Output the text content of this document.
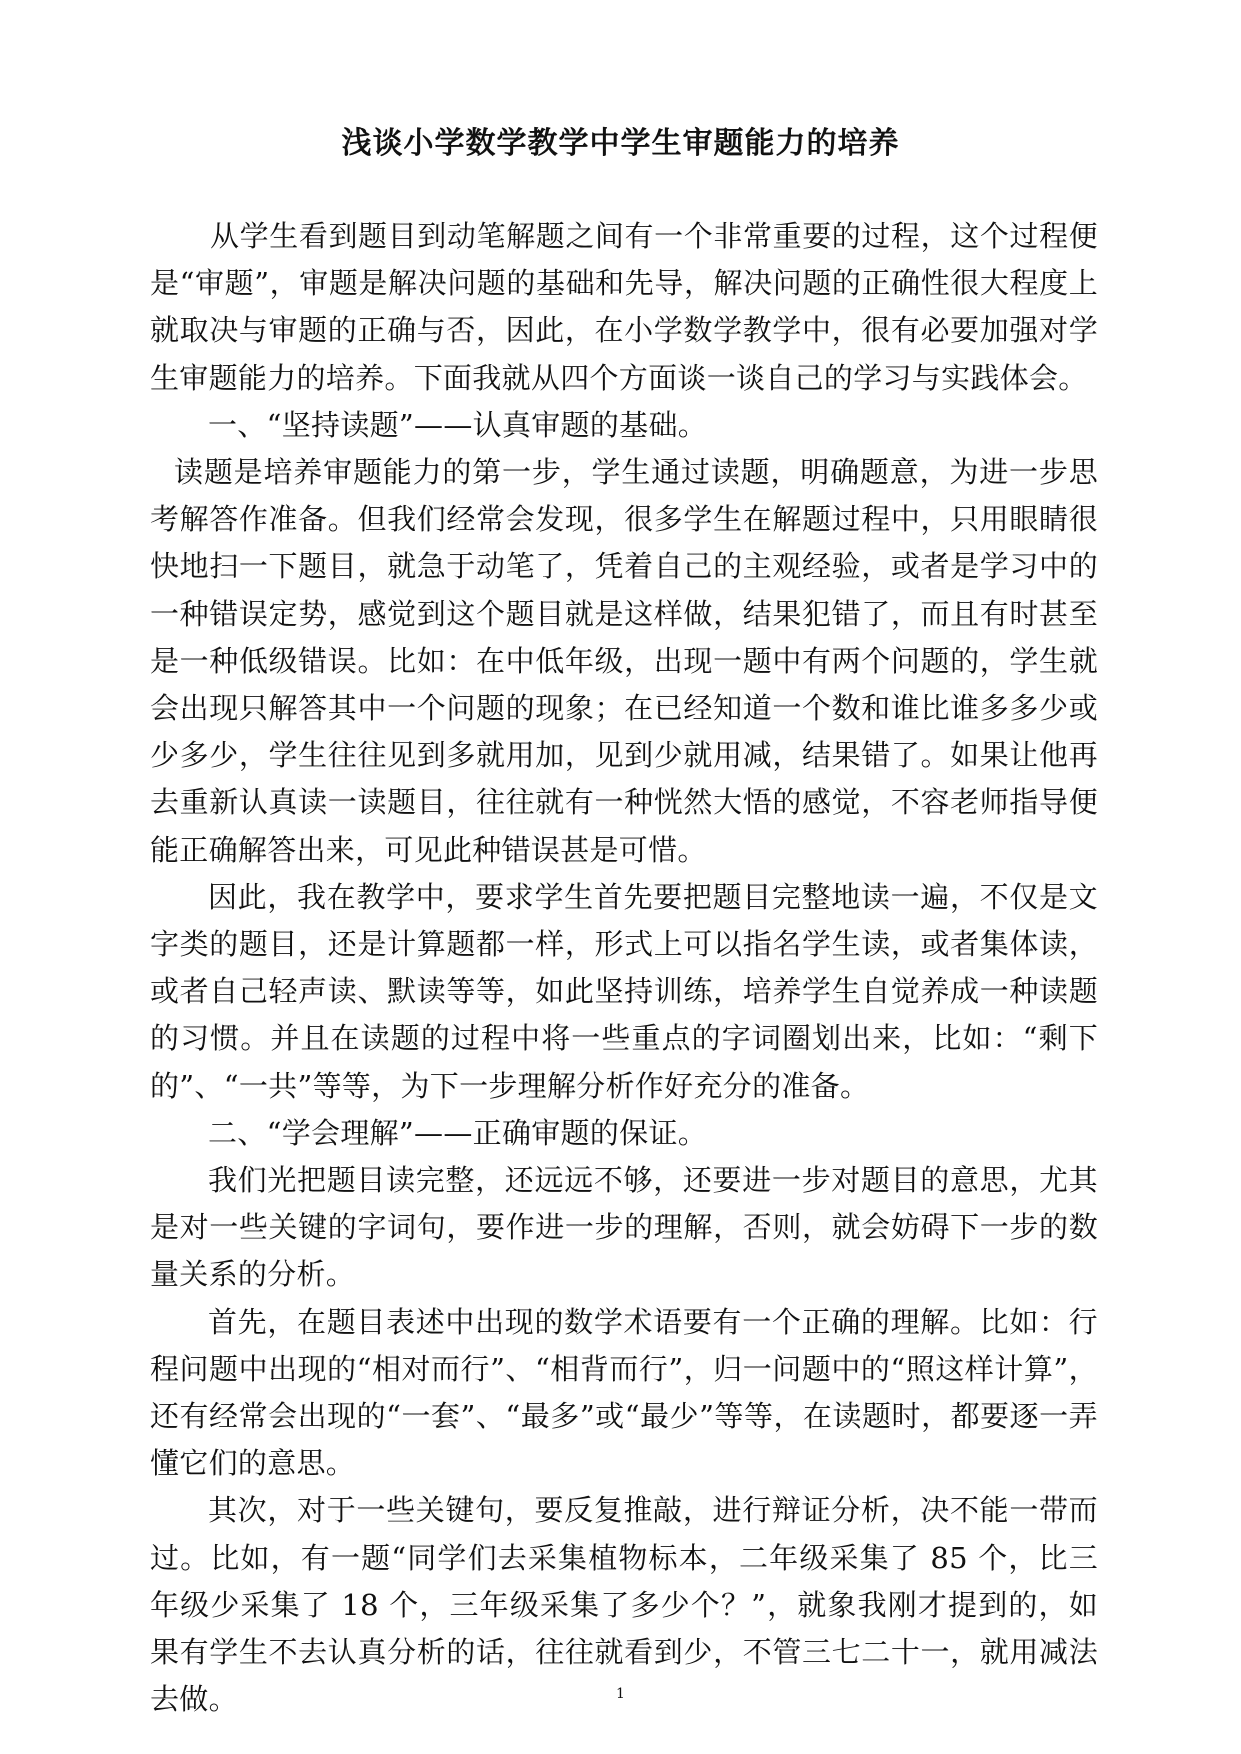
浅谈小学数学教学中学生审题能力的培养

从学生看到题目到动笔解题之间有一个非常重要的过程，这个过程便是“审题”，审题是解决问题的基础和先导，解决问题的正确性很大程度上就取决与审题的正确与否，因此，在小学数学教学中，很有必要加强对学生审题能力的培养。下面我就从四个方面谈一谈自己的学习与实践体会。

一、“坚持读题”——认真审题的基础。

读题是培养审题能力的第一步，学生通过读题，明确题意，为进一步思考解答作准备。但我们经常会发现，很多学生在解题过程中，只用眼睛很快地扫一下题目，就急于动笔了，凭着自己的主观经验，或者是学习中的一种错误定势，感觉到这个题目就是这样做，结果犯错了，而且有时甚至是一种低级错误。比如：在中低年级，出现一题中有两个问题的，学生就会出现只解答其中一个问题的现象；在已经知道一个数和谁比谁多多少或少多少，学生往往见到多就用加，见到少就用减，结果错了。如果让他再去重新认真读一读题目，往往就有一种恍然大悟的感觉，不容老师指导便能正确解答出来，可见此种错误甚是可惜。

因此，我在教学中，要求学生首先要把题目完整地读一遍，不仅是文字类的题目，还是计算题都一样，形式上可以指名学生读，或者集体读，或者自己轻声读、默读等等，如此坚持训练，培养学生自觉养成一种读题的习惯。并且在读题的过程中将一些重点的字词圈划出来，比如：“剩下的”、“一共”等等，为下一步理解分析作好充分的准备。

二、“学会理解”——正确审题的保证。

我们光把题目读完整，还远远不够，还要进一步对题目的意思，尤其是对一些关键的字词句，要作进一步的理解，否则，就会妨碍下一步的数量关系的分析。

首先，在题目表述中出现的数学术语要有一个正确的理解。比如：行程问题中出现的“相对而行”、“相背而行”，归一问题中的“照这样计算”，还有经常会出现的“一套”、“最多”或“最少”等等，在读题时，都要逐一弄懂它们的意思。

其次，对于一些关键句，要反复推敲，进行辩证分析，决不能一带而过。比如，有一题“同学们去采集植物标本，二年级采集了 85 个，比三年级少采集了 18 个，三年级采集了多少个？”，就象我刚才提到的，如果有学生不去认真分析的话，往往就看到少，不管三七二十一，就用减法去做。	1
